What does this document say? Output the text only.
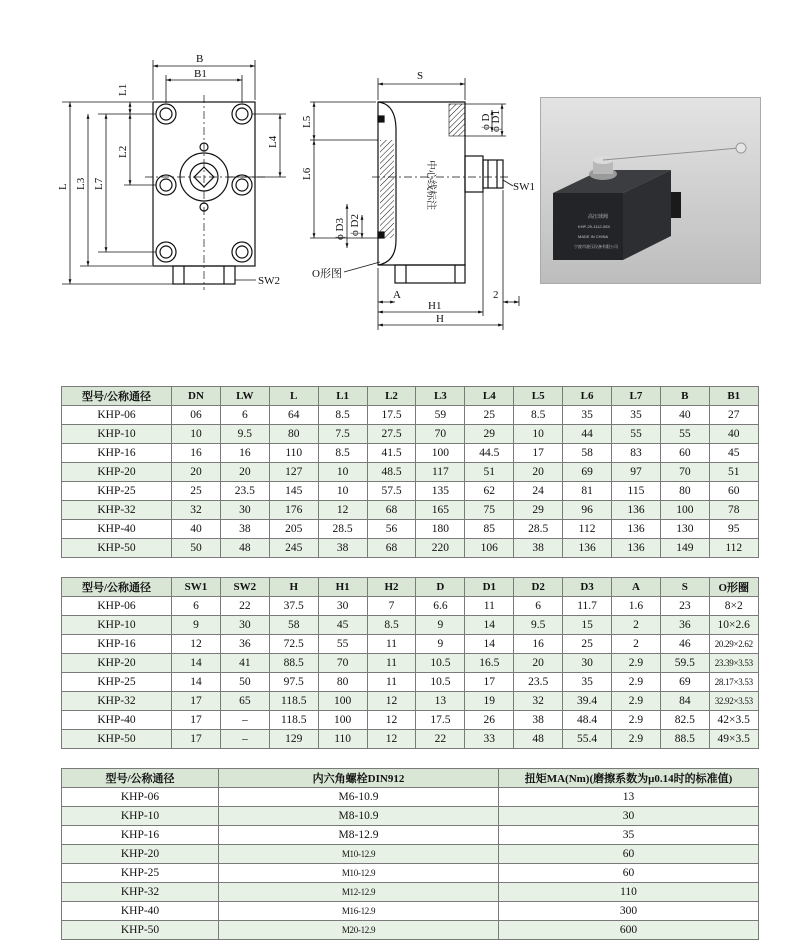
B
B1
L L3 L7
L1
L2
L4
SW2
S
L5
L6
ϕ D3 ϕ D2
ϕ D
ϕ D1
SW1
A
H1
H
2
O形图
中心线标注
高压球阀
KHP-20-1112-06X
MADE IN CHINA
宁波市液压设备有限公司
型号/公称通径	DN	LW	L	L1	L2	L3	L4	L5	L6	L7	B	B1
KHP-06	06	6	64	8.5	17.5	59	25	8.5	35	35	40	27
KHP-10	10	9.5	80	7.5	27.5	70	29	10	44	55	55	40
KHP-16	16	16	110	8.5	41.5	100	44.5	17	58	83	60	45
KHP-20	20	20	127	10	48.5	117	51	20	69	97	70	51
KHP-25	25	23.5	145	10	57.5	135	62	24	81	115	80	60
KHP-32	32	30	176	12	68	165	75	29	96	136	100	78
KHP-40	40	38	205	28.5	56	180	85	28.5	112	136	130	95
KHP-50	50	48	245	38	68	220	106	38	136	136	149	112
型号/公称通径	SW1	SW2	H	H1	H2	D	D1	D2	D3	A	S	O形圈
KHP-06	6	22	37.5	30	7	6.6	11	6	11.7	1.6	23	8×2
KHP-10	9	30	58	45	8.5	9	14	9.5	15	2	36	10×2.6
KHP-16	12	36	72.5	55	11	9	14	16	25	2	46	20.29×2.62
KHP-20	14	41	88.5	70	11	10.5	16.5	20	30	2.9	59.5	23.39×3.53
KHP-25	14	50	97.5	80	11	10.5	17	23.5	35	2.9	69	28.17×3.53
KHP-32	17	65	118.5	100	12	13	19	32	39.4	2.9	84	32.92×3.53
KHP-40	17	–	118.5	100	12	17.5	26	38	48.4	2.9	82.5	42×3.5
KHP-50	17	–	129	110	12	22	33	48	55.4	2.9	88.5	49×3.5
型号/公称通径	内六角螺栓DIN912	扭矩MA(Nm)(磨擦系数为μ0.14时的标准值)
KHP-06	M6-10.9	13
KHP-10	M8-10.9	30
KHP-16	M8-12.9	35
KHP-20	M10-12.9	60
KHP-25	M10-12.9	60
KHP-32	M12-12.9	110
KHP-40	M16-12.9	300
KHP-50	M20-12.9	600
